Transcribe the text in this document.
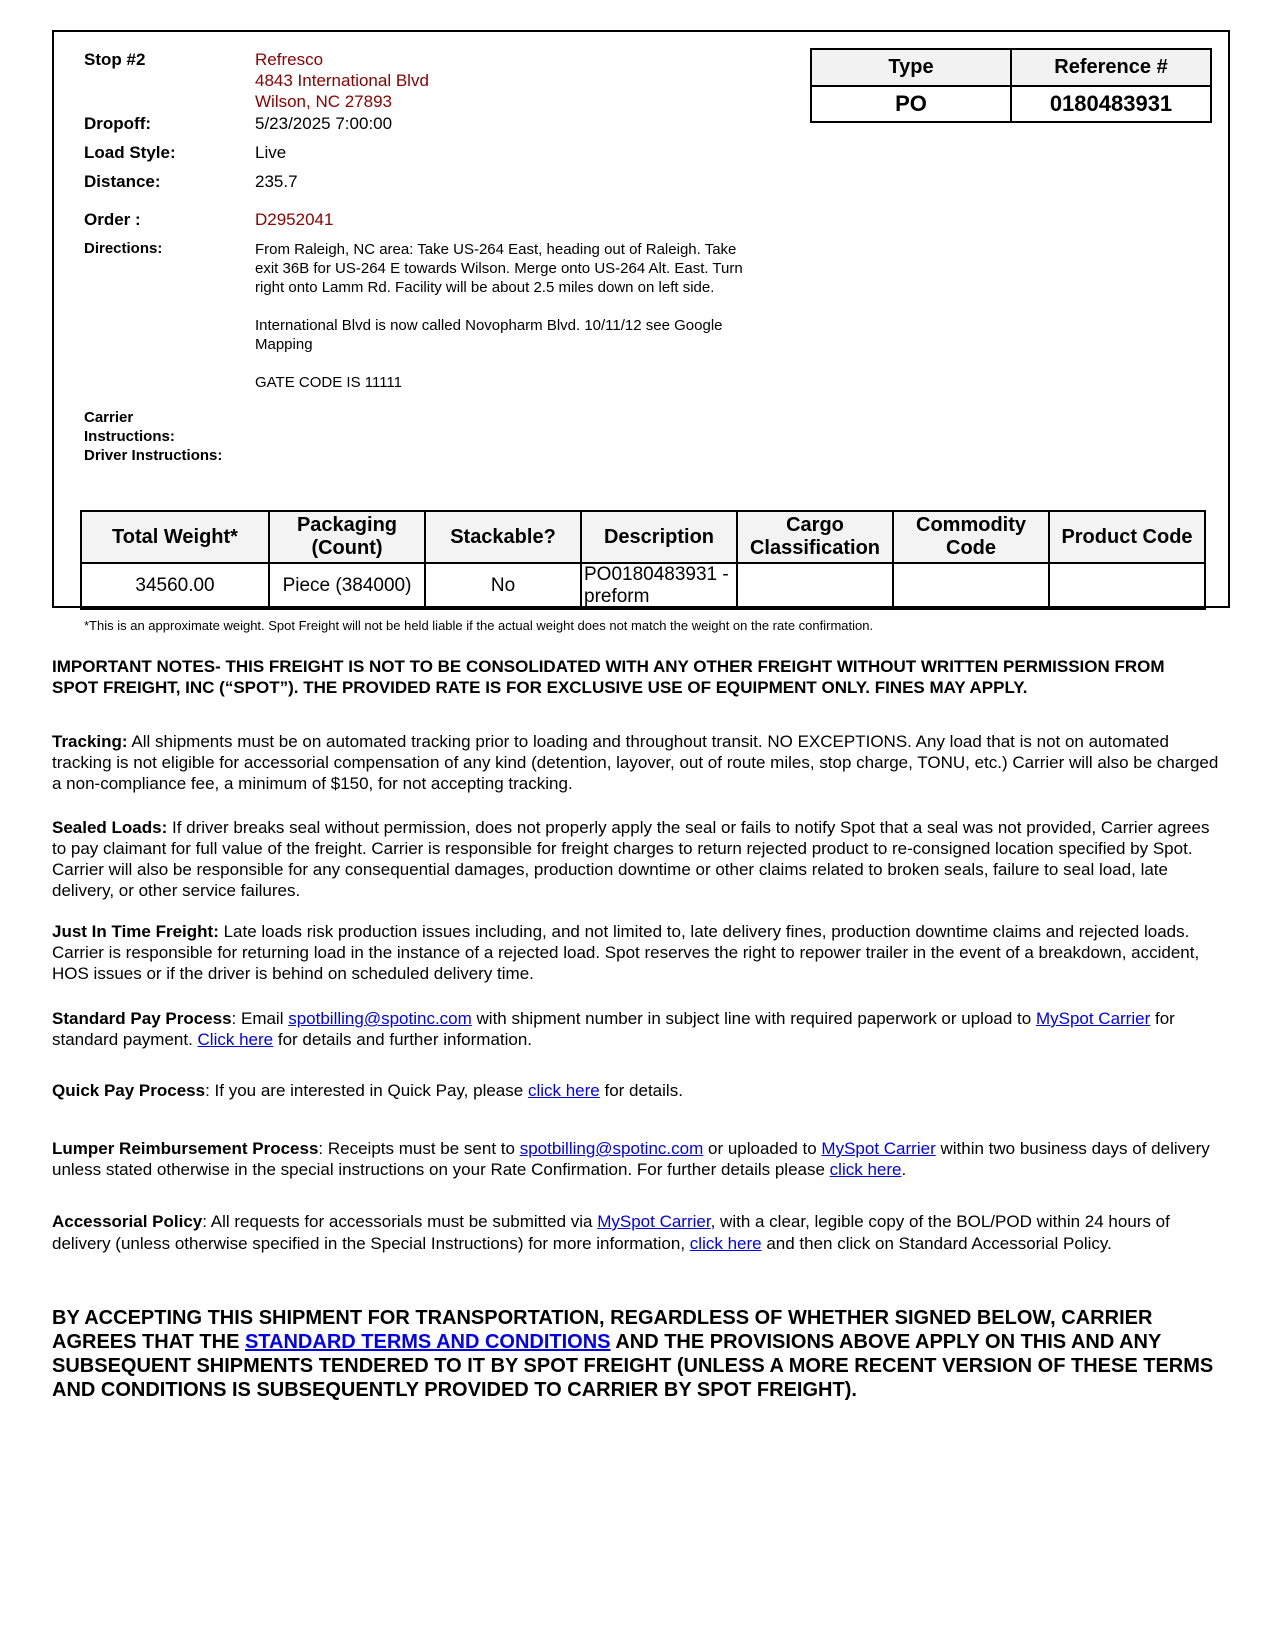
Stop #2	Refresco
4843 International Blvd
Wilson, NC 27893
Dropoff:	5/23/2025 7:00:00
Load Style:	Live
Distance:	235.7
Order :	D2952041
Directions:	From Raleigh, NC area: Take US-264 East, heading out of Raleigh. Take exit 36B for US-264 E towards Wilson. Merge onto US-264 Alt. East. Turn right onto Lamm Rd. Facility will be about 2.5 miles down on left side.

International Blvd is now called Novopharm Blvd. 10/11/12 see Google Mapping

GATE CODE IS 11111

Carrier
Instructions:
Driver Instructions:
Type	Reference #
PO	0180483931
Total Weight*	Packaging (Count)	Stackable?	Description	Cargo Classification	Commodity Code	Product Code
34560.00	Piece (384000)	No	PO0180483931 - preform			
*This is an approximate weight. Spot Freight will not be held liable if the actual weight does not match the weight on the rate confirmation.

IMPORTANT NOTES- THIS FREIGHT IS NOT TO BE CONSOLIDATED WITH ANY OTHER FREIGHT WITHOUT WRITTEN PERMISSION FROM SPOT FREIGHT, INC (“SPOT”). THE PROVIDED RATE IS FOR EXCLUSIVE USE OF EQUIPMENT ONLY. FINES MAY APPLY.

Tracking: All shipments must be on automated tracking prior to loading and throughout transit. NO EXCEPTIONS. Any load that is not on automated tracking is not eligible for accessorial compensation of any kind (detention, layover, out of route miles, stop charge, TONU, etc.) Carrier will also be charged a non-compliance fee, a minimum of $150, for not accepting tracking.

Sealed Loads: If driver breaks seal without permission, does not properly apply the seal or fails to notify Spot that a seal was not provided, Carrier agrees to pay claimant for full value of the freight. Carrier is responsible for freight charges to return rejected product to re-consigned location specified by Spot. Carrier will also be responsible for any consequential damages, production downtime or other claims related to broken seals, failure to seal load, late delivery, or other service failures.

Just In Time Freight: Late loads risk production issues including, and not limited to, late delivery fines, production downtime claims and rejected loads. Carrier is responsible for returning load in the instance of a rejected load. Spot reserves the right to repower trailer in the event of a breakdown, accident, HOS issues or if the driver is behind on scheduled delivery time.

Standard Pay Process: Email spotbilling@spotinc.com with shipment number in subject line with required paperwork or upload to MySpot Carrier for standard payment. Click here for details and further information.

Quick Pay Process: If you are interested in Quick Pay, please click here for details.

Lumper Reimbursement Process: Receipts must be sent to spotbilling@spotinc.com or uploaded to MySpot Carrier within two business days of delivery unless stated otherwise in the special instructions on your Rate Confirmation. For further details please click here.

Accessorial Policy: All requests for accessorials must be submitted via MySpot Carrier, with a clear, legible copy of the BOL/POD within 24 hours of delivery (unless otherwise specified in the Special Instructions) for more information, click here and then click on Standard Accessorial Policy.

BY ACCEPTING THIS SHIPMENT FOR TRANSPORTATION, REGARDLESS OF WHETHER SIGNED BELOW, CARRIER AGREES THAT THE STANDARD TERMS AND CONDITIONS AND THE PROVISIONS ABOVE APPLY ON THIS AND ANY SUBSEQUENT SHIPMENTS TENDERED TO IT BY SPOT FREIGHT (UNLESS A MORE RECENT VERSION OF THESE TERMS AND CONDITIONS IS SUBSEQUENTLY PROVIDED TO CARRIER BY SPOT FREIGHT).
